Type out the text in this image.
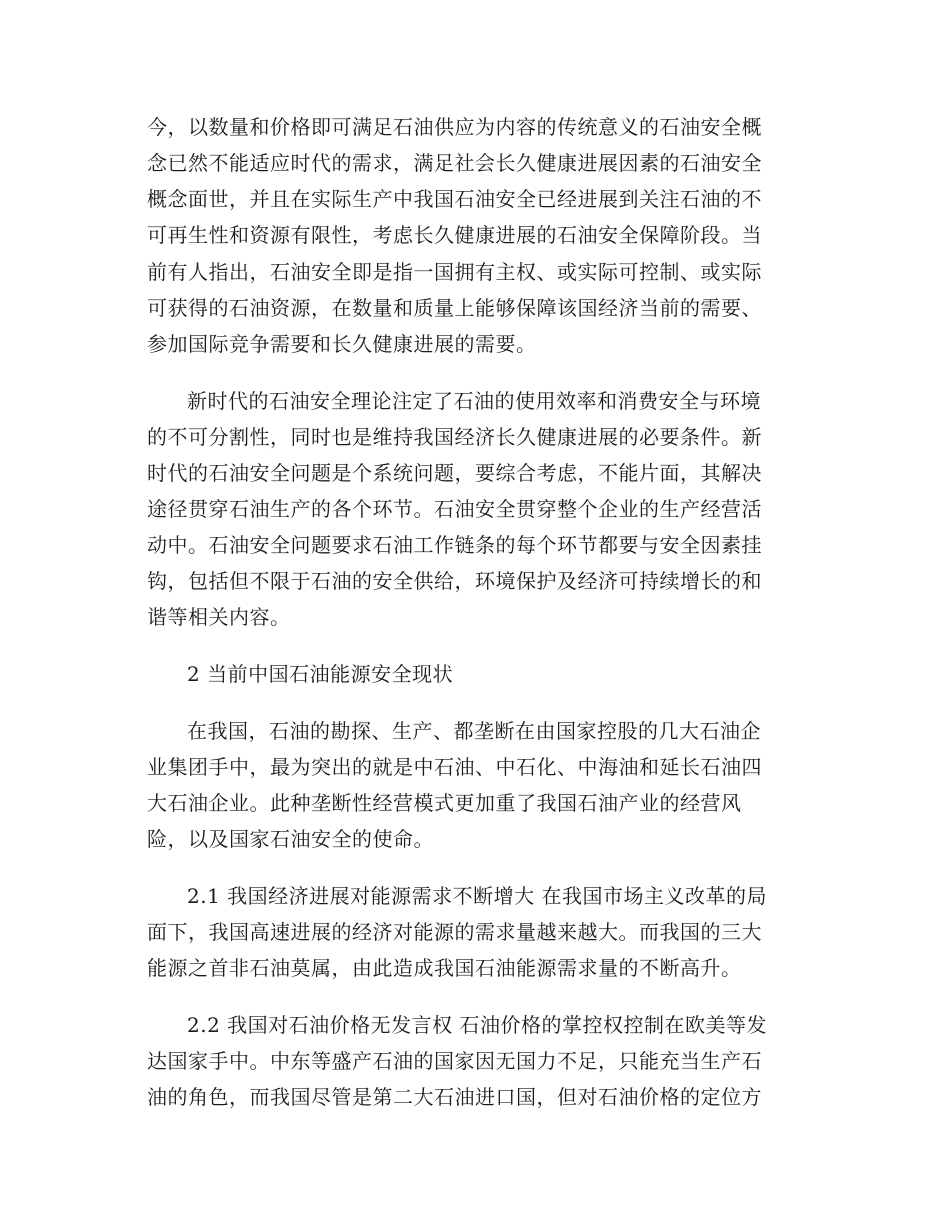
今，以数量和价格即可满足石油供应为内容的传统意义的石油安全概

念已然不能适应时代的需求，满足社会长久健康进展因素的石油安全

概念面世，并且在实际生产中我国石油安全已经进展到关注石油的不

可再生性和资源有限性，考虑长久健康进展的石油安全保障阶段。当

前有人指出，石油安全即是指一国拥有主权、或实际可控制、或实际

可获得的石油资源，在数量和质量上能够保障该国经济当前的需要、

参加国际竞争需要和长久健康进展的需要。

新时代的石油安全理论注定了石油的使用效率和消费安全与环境

的不可分割性，同时也是维持我国经济长久健康进展的必要条件。新

时代的石油安全问题是个系统问题，要综合考虑，不能片面，其解决

途径贯穿石油生产的各个环节。石油安全贯穿整个企业的生产经营活

动中。石油安全问题要求石油工作链条的每个环节都要与安全因素挂

钩，包括但不限于石油的安全供给，环境保护及经济可持续增长的和

谐等相关内容。

2 当前中国石油能源安全现状

在我国，石油的勘探、生产、都垄断在由国家控股的几大石油企

业集团手中，最为突出的就是中石油、中石化、中海油和延长石油四

大石油企业。此种垄断性经营模式更加重了我国石油产业的经营风

险，以及国家石油安全的使命。

2.1 我国经济进展对能源需求不断增大 在我国市场主义改革的局

面下，我国高速进展的经济对能源的需求量越来越大。而我国的三大

能源之首非石油莫属，由此造成我国石油能源需求量的不断高升。

2.2 我国对石油价格无发言权 石油价格的掌控权控制在欧美等发

达国家手中。中东等盛产石油的国家因无国力不足，只能充当生产石

油的角色，而我国尽管是第二大石油进口国，但对石油价格的定位方
